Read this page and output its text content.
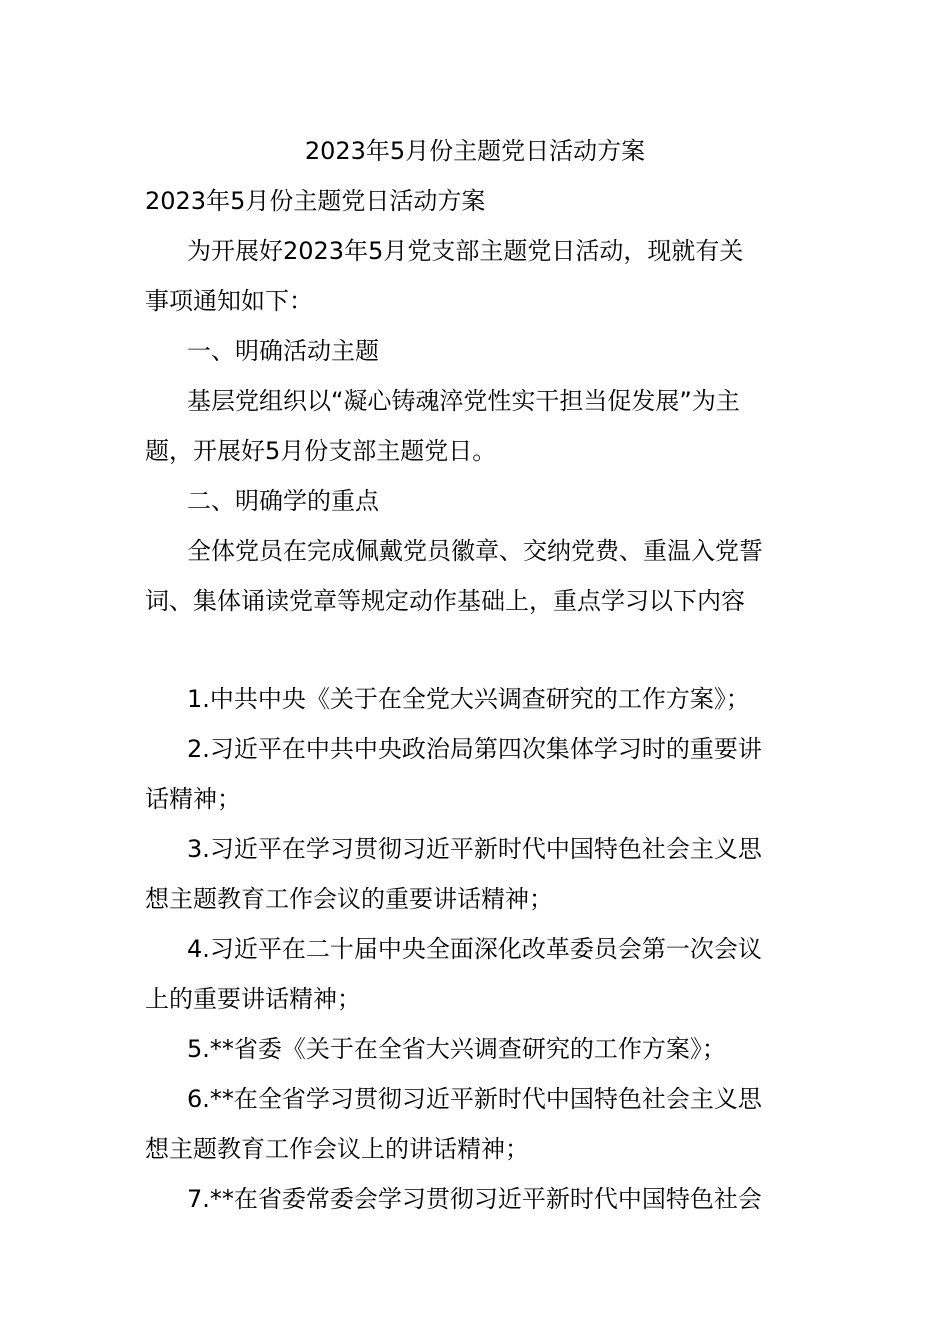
2023年5月份主题党日活动方案
2023年5月份主题党日活动方案
为开展好2023年5月党支部主题党日活动，现就有关
事项通知如下：
一、明确活动主题
基层党组织以“凝心铸魂淬党性实干担当促发展”为主
题，开展好5月份支部主题党日。
二、明确学的重点
全体党员在完成佩戴党员徽章、交纳党费、重温入党誓
词、集体诵读党章等规定动作基础上，重点学习以下内容
1.中共中央《关于在全党大兴调查研究的工作方案》；
2.习近平在中共中央政治局第四次集体学习时的重要讲
话精神；
3.习近平在学习贯彻习近平新时代中国特色社会主义思
想主题教育工作会议的重要讲话精神；
4.习近平在二十届中央全面深化改革委员会第一次会议
上的重要讲话精神；
5.**省委《关于在全省大兴调查研究的工作方案》；
6.**在全省学习贯彻习近平新时代中国特色社会主义思
想主题教育工作会议上的讲话精神；
7.**在省委常委会学习贯彻习近平新时代中国特色社会
